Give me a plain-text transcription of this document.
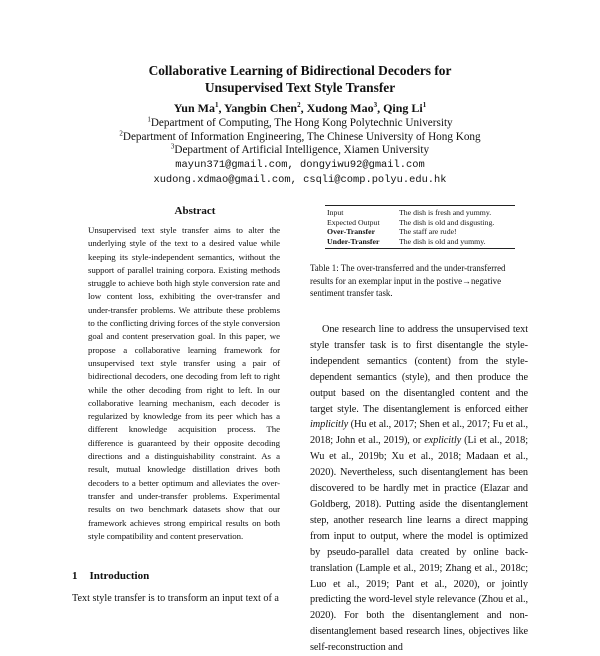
Collaborative Learning of Bidirectional Decoders for
Unsupervised Text Style Transfer
Yun Ma$^1$, Yangbin Chen$^2$, Xudong Mao$^3$, Qing Li$^1$
$^1$Department of Computing, The Hong Kong Polytechnic University
$^2$Department of Information Engineering, The Chinese University of Hong Kong
$^3$Department of Artificial Intelligence, Xiamen University
mayun371@gmail.com, dongyiwu92@gmail.com
xudong.xdmao@gmail.com, csqli@comp.polyu.edu.hk
Abstract
Unsupervised text style transfer aims to alter the underlying style of the text to a desired value while keeping its style-independent semantics, without the support of parallel training corpora. Existing methods struggle to achieve both high style conversion rate and low content loss, exhibiting the over-transfer and under-transfer problems. We attribute these problems to the conflicting driving forces of the style conversion goal and content preservation goal. In this paper, we propose a collaborative learning framework for unsupervised text style transfer using a pair of bidirectional decoders, one decoding from left to right while the other decoding from right to left. In our collaborative learning mechanism, each decoder is regularized by knowledge from its peer which has a different knowledge acquisition process. The difference is guaranteed by their opposite decoding directions and a distinguishability constraint. As a result, mutual knowledge distillation drives both decoders to a better optimum and alleviates the over-transfer and under-transfer problems. Experimental results on two benchmark datasets show that our framework achieves strong empirical results on both style compatibility and content preservation.
1 Introduction
Text style transfer is to transform an input text of a
Input	The dish is fresh and yummy.
Expected Output	The dish is old and disgusting.
Over-Transfer	The staff are rude!
Under-Transfer	The dish is old and yummy.
Table 1: The over-transferred and the under-transferred results for an exemplar input in the postive→negative sentiment transfer task.
One research line to address the unsupervised text style transfer task is to first disentangle the style-independent semantics (content) from the style-dependent semantics (style), and then produce the output based on the disentangled content and the target style. The disentanglement is enforced either implicitly (Hu et al., 2017; Shen et al., 2017; Fu et al., 2018; John et al., 2019), or explicitly (Li et al., 2018; Wu et al., 2019b; Xu et al., 2018; Madaan et al., 2020). Nevertheless, such disentanglement has been discovered to be hardly met in practice (Elazar and Goldberg, 2018). Putting aside the disentanglement step, another research line learns a direct mapping from input to output, where the model is optimized by pseudo-parallel data created by online back-translation (Lample et al., 2019; Zhang et al., 2018c; Luo et al., 2019; Pant et al., 2020), or jointly predicting the word-level style relevance (Zhou et al., 2020). For both the disentanglement and non-disentanglement based research lines, objectives like self-reconstruction and
